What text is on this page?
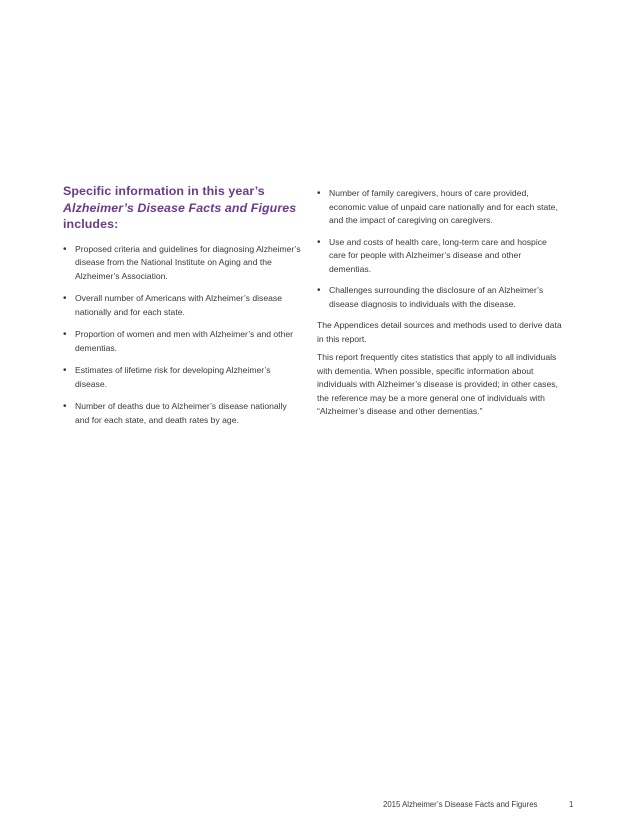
Specific information in this year’s
Alzheimer’s Disease Facts and Figures
includes:
• Proposed criteria and guidelines for diagnosing Alzheimer’s disease from the National Institute on Aging and the Alzheimer’s Association.
• Overall number of Americans with Alzheimer’s disease nationally and for each state.
• Proportion of women and men with Alzheimer’s and other dementias.
• Estimates of lifetime risk for developing Alzheimer’s disease.
• Number of deaths due to Alzheimer’s disease nationally and for each state, and death rates by age.
• Number of family caregivers, hours of care provided, economic value of unpaid care nationally and for each state, and the impact of caregiving on caregivers.
• Use and costs of health care, long-term care and hospice care for people with Alzheimer’s disease and other dementias.
• Challenges surrounding the disclosure of an Alzheimer’s disease diagnosis to individuals with the disease.

The Appendices detail sources and methods used to derive data in this report.

This report frequently cites statistics that apply to all individuals with dementia. When possible, specific information about individuals with Alzheimer’s disease is provided; in other cases, the reference may be a more general one of individuals with “Alzheimer’s disease and other dementias.”

2015 Alzheimer’s Disease Facts and Figures	1
